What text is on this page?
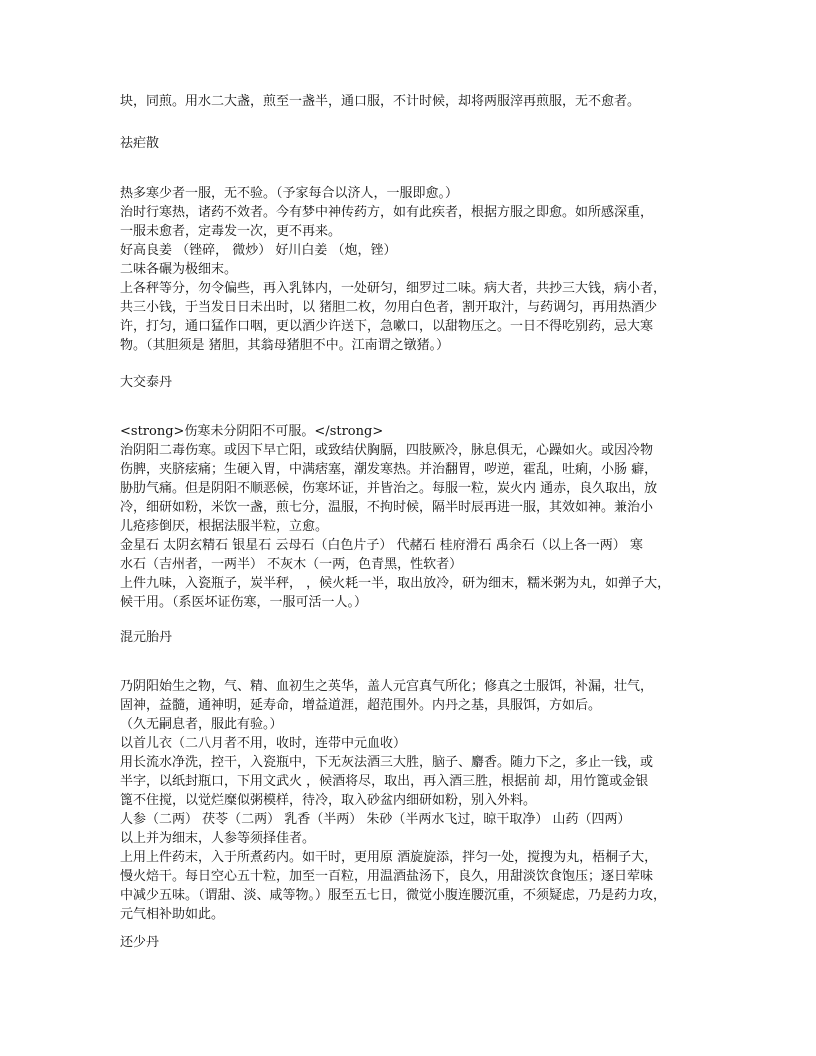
块，同煎。用水二大盏，煎至一盏半，通口服，不计时候，却将两服滓再煎服，无不愈者。
祛疟散
热多寒少者一服，无不验。（予家每合以济人，一服即愈。）
治时行寒热，诸药不效者。今有梦中神传药方，如有此疾者，根据方服之即愈。如所感深重，
一服未愈者，定毒发一次，更不再来。
好高良姜 （锉碎， 微炒） 好川白姜 （炮，锉）
二味各碾为极细末。
上各秤等分，勿令偏些，再入乳钵内，一处研匀，细罗过二味。病大者，共抄三大钱，病小者，
共三小钱，于当发日日未出时，以 猪胆二枚，勿用白色者，割开取汁，与药调匀，再用热酒少
许，打匀，通口猛作口咽，更以酒少许送下，急嗽口，以甜物压之。一日不得吃别药，忌大寒
物。（其胆须是 猪胆，其翁母猪胆不中。江南谓之镦猪。）
大交泰丹
<strong>伤寒未分阴阳不可服。</strong>
治阴阳二毒伤寒。或因下早亡阳，或致结伏胸膈，四肢厥冷，脉息俱无，心躁如火。或因冷物
伤脾，夹脐痃痛；生硬入胃，中满痞塞，潮发寒热。并治翻胃，哕逆，霍乱，吐痢，小肠 癖，
胁肋气痛。但是阴阳不顺恶候，伤寒坏证，并皆治之。每服一粒，炭火内 通赤，良久取出，放
冷，细研如粉，米饮一盏，煎七分，温服，不拘时候，隔半时辰再进一服，其效如神。兼治小
儿疮疹倒厌，根据法服半粒，立愈。
金星石 太阴玄精石 银星石 云母石（白色片子） 代赭石 桂府滑石 禹余石（以上各一两） 寒
水石（吉州者，一两半） 不灰木（一两，色青黑，性软者）
上件九味，入瓷瓶子，炭半秤， ，候火耗一半，取出放冷，研为细末，糯米粥为丸，如弹子大，
候干用。（系医坏证伤寒，一服可活一人。）
混元胎丹
乃阴阳始生之物，气、精、血初生之英华，盖人元宫真气所化；修真之士服饵，补漏，壮气，
固神，益髓，通神明，延寿命，增益道涯，超范围外。内丹之基，具服饵，方如后。
（久无嗣息者，服此有验。）
以首儿衣（二八月者不用，收时，连带中元血收）
用长流水净洗，控干，入瓷瓶中，下无灰法酒三大胜，脑子、麝香。随力下之，多止一钱，或
半字，以纸封瓶口，下用文武火 ，候酒将尽，取出，再入酒三胜，根据前 却，用竹篦或金银
篦不住搅，以觉烂糜似粥模样，待冷，取入砂盆内细研如粉，别入外料。
人参（二两） 茯苓（二两） 乳香（半两） 朱砂（半两水飞过，晾干取净） 山药（四两）
以上并为细末，人参等须择佳者。
上用上件药末，入于所煮药内。如干时，更用原 酒旋旋添，拌匀一处，搅搜为丸，梧桐子大，
慢火焙干。每日空心五十粒，加至一百粒，用温酒盐汤下，良久，用甜淡饮食饱压；逐日荤味
中减少五味。（谓甜、淡、咸等物。）服至五七日，微觉小腹连腰沉重，不须疑虑，乃是药力攻，
元气相补助如此。
还少丹
